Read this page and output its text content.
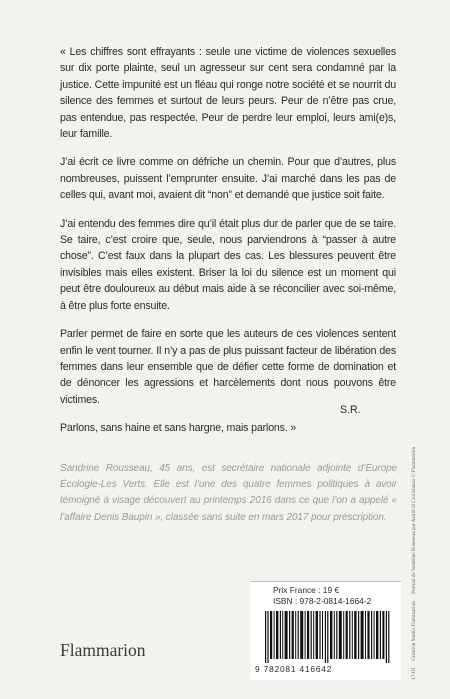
« Les chiffres sont effrayants : seule une victime de violences sexuelles sur dix porte plainte, seul un agresseur sur cent sera condamné par la justice. Cette impunité est un fléau qui ronge notre société et se nourrit du silence des femmes et surtout de leurs peurs. Peur de n’être pas crue, pas entendue, pas respectée. Peur de perdre leur emploi, leurs ami(e)s, leur famille.

J’ai écrit ce livre comme on défriche un chemin. Pour que d’autres, plus nombreuses, puissent l’emprunter ensuite. J’ai marché dans les pas de celles qui, avant moi, avaient dit “non” et demandé que justice soit faite.

J’ai entendu des femmes dire qu’il était plus dur de parler que de se taire. Se taire, c’est croire que, seule, nous parviendrons à “passer à autre chose”. C’est faux dans la plupart des cas. Les blessures peuvent être invisibles mais elles existent. Briser la loi du silence est un moment qui peut être douloureux au début mais aide à se réconcilier avec soi-même, à être plus forte ensuite.

Parler permet de faire en sorte que les auteurs de ces violences sentent enfin le vent tourner. Il n’y a pas de plus puissant facteur de libération des femmes dans leur ensemble que de défier cette forme de domination et de dénoncer les agressions et harcèlements dont nous pouvons être victimes.

Parlons, sans haine et sans hargne, mais parlons. »

S.R.

Sandrine Rousseau, 45 ans, est secrétaire nationale adjointe d’Europe Écologie-Les Verts. Elle est l’une des quatre femmes politiques à avoir témoigné à visage découvert au printemps 2016 dans ce que l’on a appelé « l’affaire Denis Baupin », classée sans suite en mars 2017 pour prescription.

Prix France : 19 €
ISBN : 978-2-0814-1664-2
9 782081 416642
Flammarion
17-III Création Studio Flammarion Portrait de Sandrine Rousseau par Astrid di Crollalanza © Flammarion
